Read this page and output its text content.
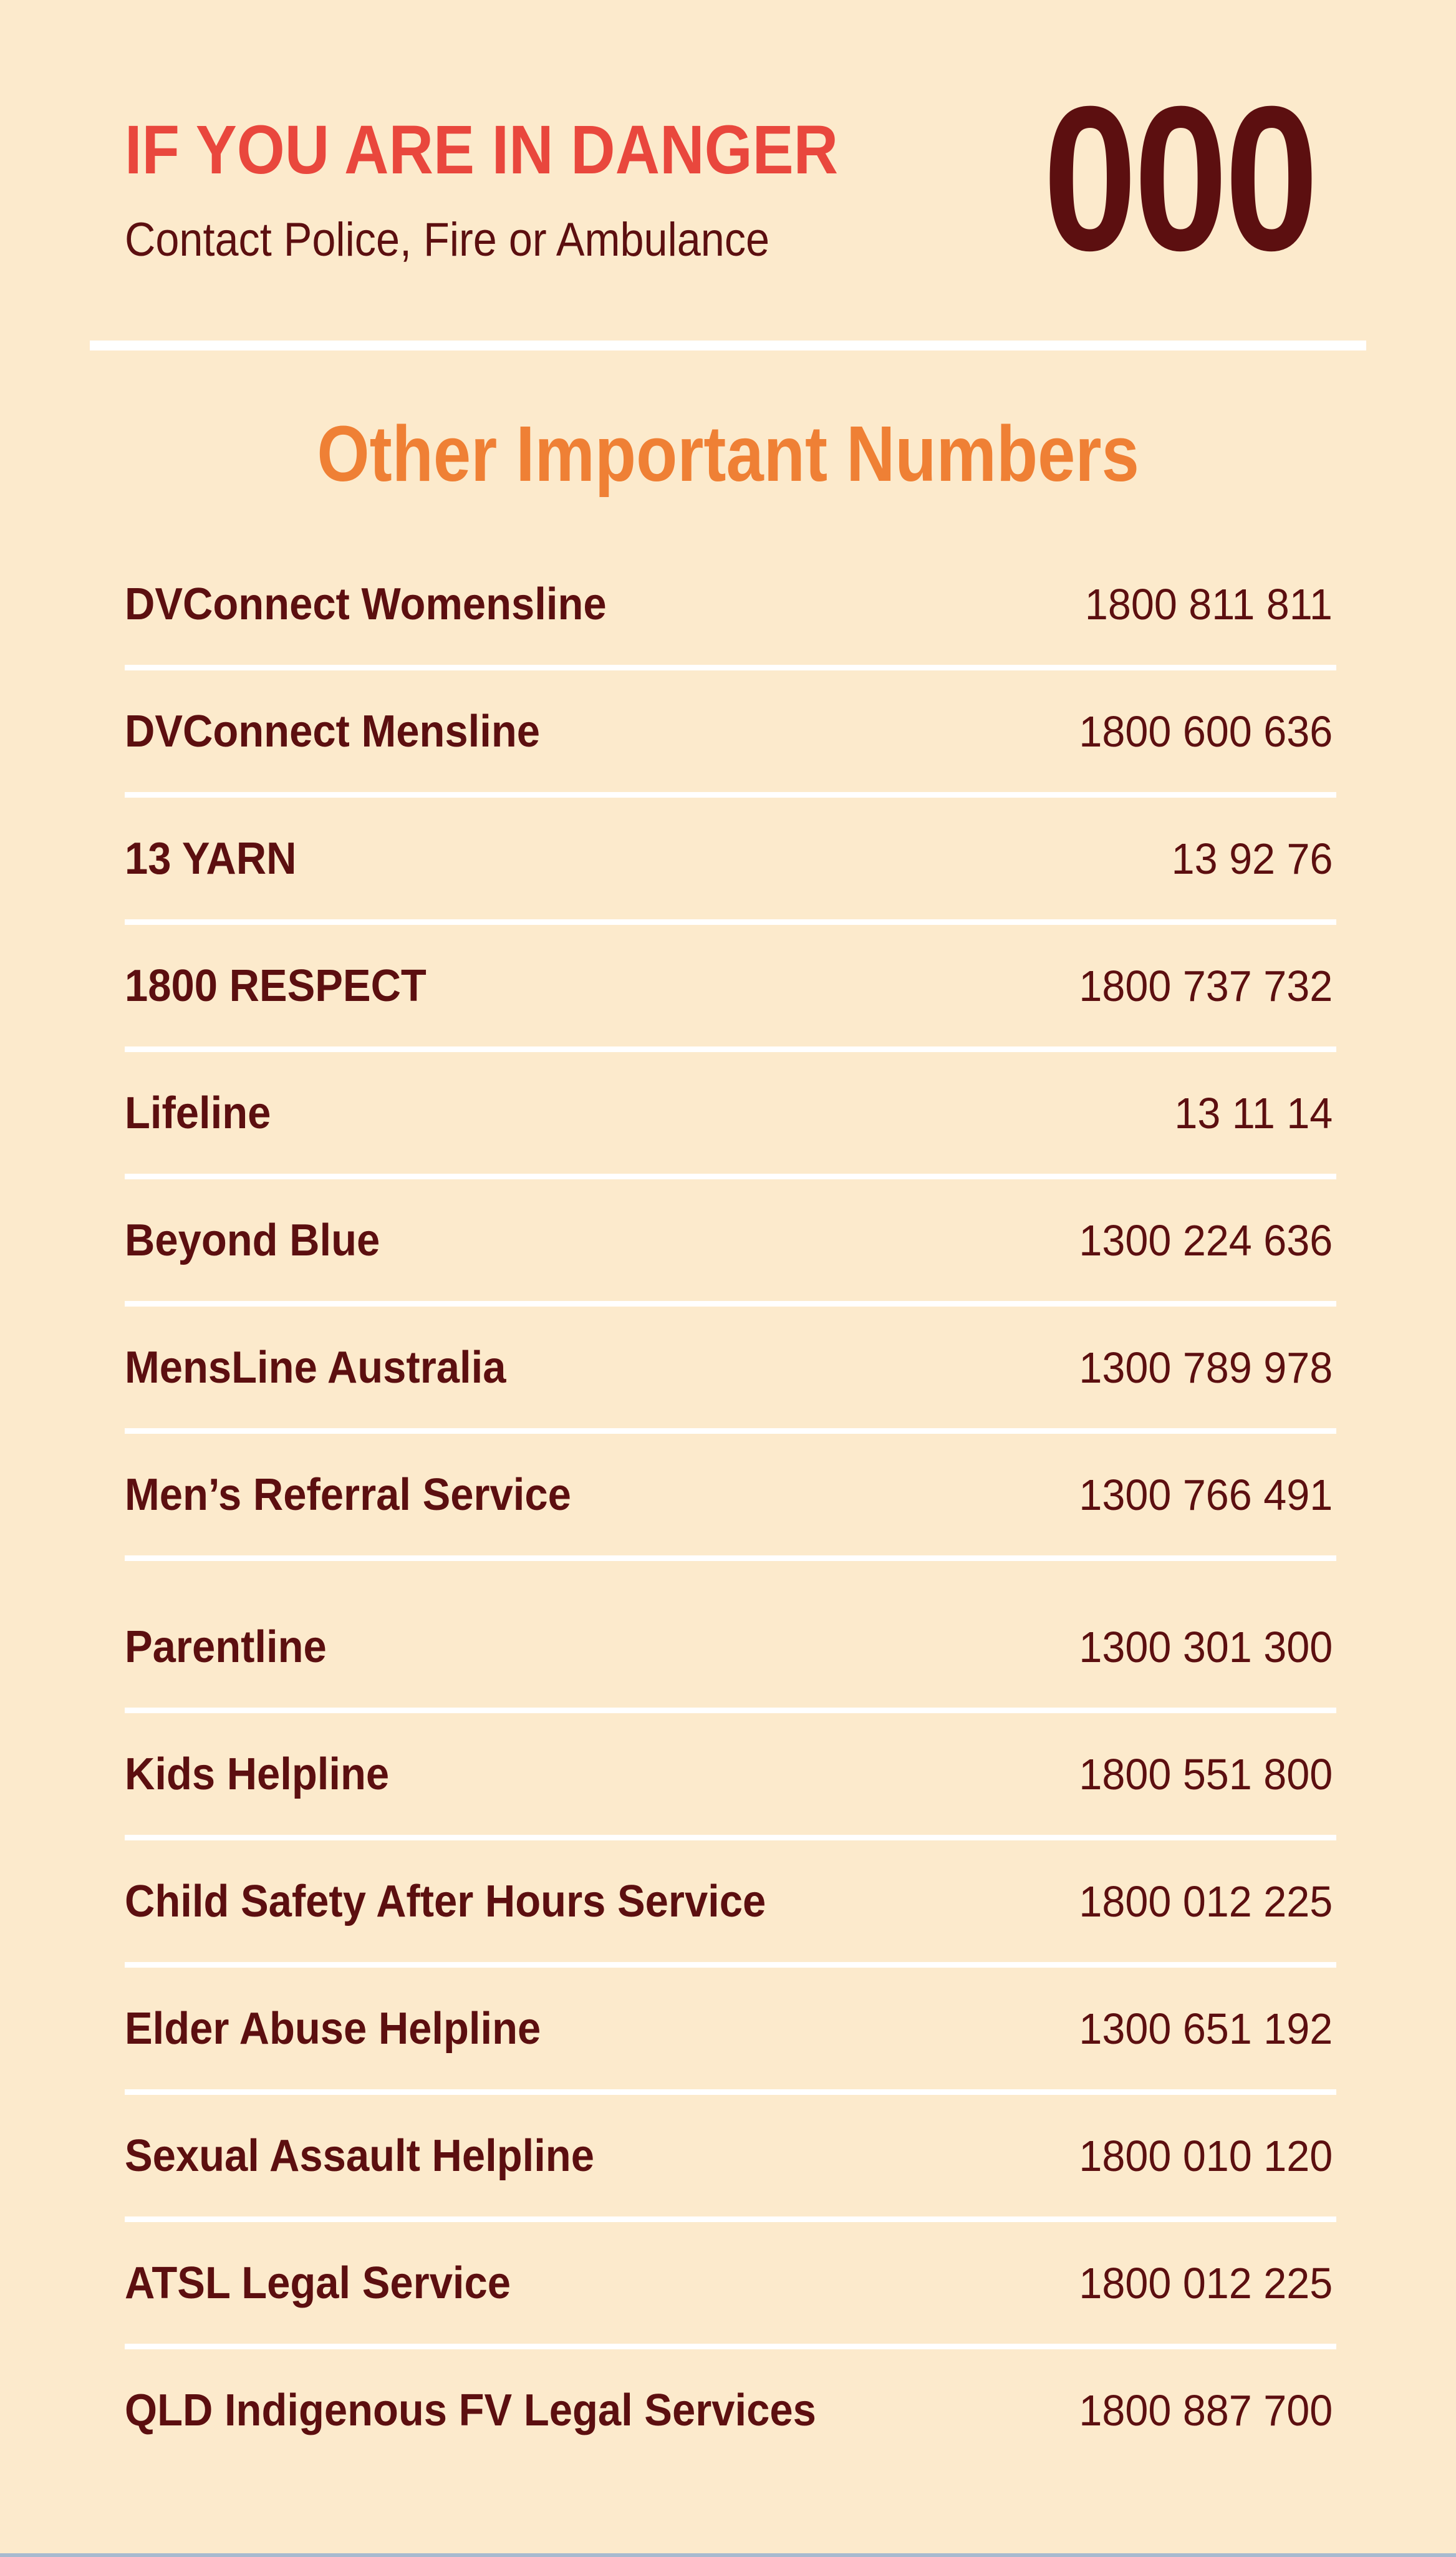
IF YOU ARE IN DANGER
Contact Police, Fire or Ambulance	000
Other Important Numbers
DVConnect Womensline	1800 811 811
DVConnect Mensline	1800 600 636
13 YARN	13 92 76
1800 RESPECT	1800 737 732
Lifeline	13 11 14
Beyond Blue	1300 224 636
MensLine Australia	1300 789 978
Men’s Referral Service	1300 766 491
Parentline	1300 301 300
Kids Helpline	1800 551 800
Child Safety After Hours Service	1800 012 225
Elder Abuse Helpline	1300 651 192
Sexual Assault Helpline	1800 010 120
ATSL Legal Service	1800 012 225
QLD Indigenous FV Legal Services	1800 887 700
